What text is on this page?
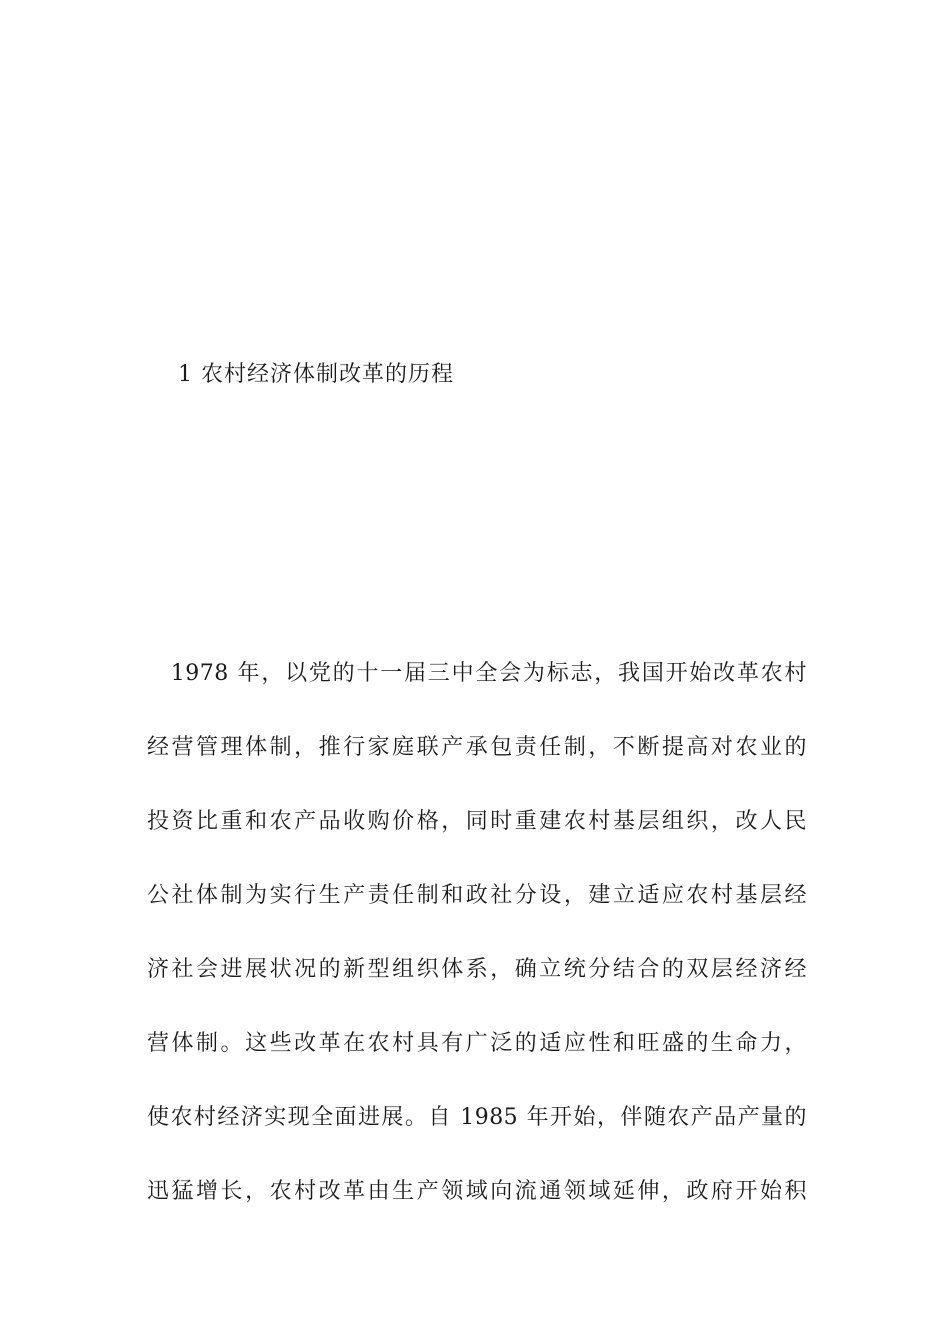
1 农村经济体制改革的历程
　1978 年，以党的十一届三中全会为标志，我国开始改革农村
经营管理体制，推行家庭联产承包责任制，不断提高对农业的
投资比重和农产品收购价格，同时重建农村基层组织，改人民
公社体制为实行生产责任制和政社分设，建立适应农村基层经
济社会进展状况的新型组织体系，确立统分结合的双层经济经
营体制。这些改革在农村具有广泛的适应性和旺盛的生命力，
使农村经济实现全面进展。自 1985 年开始，伴随农产品产量的
迅猛增长，农村改革由生产领域向流通领域延伸，政府开始积
